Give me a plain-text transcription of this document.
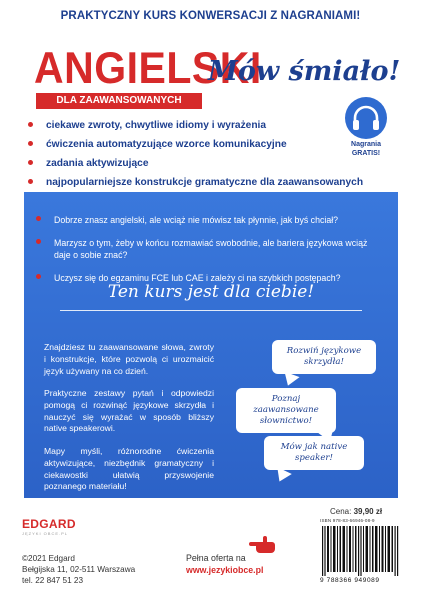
PRAKTYCZNY KURS KONWERSACJI Z NAGRANIAMI!
ANGIELSKI
DLA ZAAWANSOWANYCH
Mów śmiało!
ciekawe zwroty, chwytliwe idiomy i wyrażenia
ćwiczenia automatyzujące wzorce komunikacyjne
zadania aktywizujące
najpopularniejsze konstrukcje gramatyczne dla zaawansowanych
Nagrania
GRATIS!
Dobrze znasz angielski, ale wciąż nie mówisz tak płynnie, jak byś chciał?
Marzysz o tym, żeby w końcu rozmawiać swobodnie, ale bariera językowa wciąż daje o sobie znać?
Uczysz się do egzaminu FCE lub CAE i zależy ci na szybkich postępach?
Ten kurs jest dla ciebie!
Znajdziesz tu zaawansowane słowa, zwroty i konstrukcje, które pozwolą ci urozmaicić język używany na co dzień.
Praktyczne zestawy pytań i odpowiedzi pomogą ci rozwinąć językowe skrzydła i nauczyć się wyrażać w sposób bliższy native speakerowi.
Mapy myśli, różnorodne ćwiczenia aktywizujące, niezbędnik gramatyczny i ciekawostki ułatwią przyswojenie poznanego materiału!
Rozwiń językowe skrzydła!
Poznaj zaawansowane słownictwo!
Mów jak native speaker!
EDGARD
JĘZYKI OBCE.PL
©2021 Edgard
Bełgijska 11, 02-511 Warszawa
tel. 22 847 51 23
Pełna oferta na
www.jezykiobce.pl
Cena: 39,90 zł
ISBN 978-83-66946-08-9
9 788366 949089
